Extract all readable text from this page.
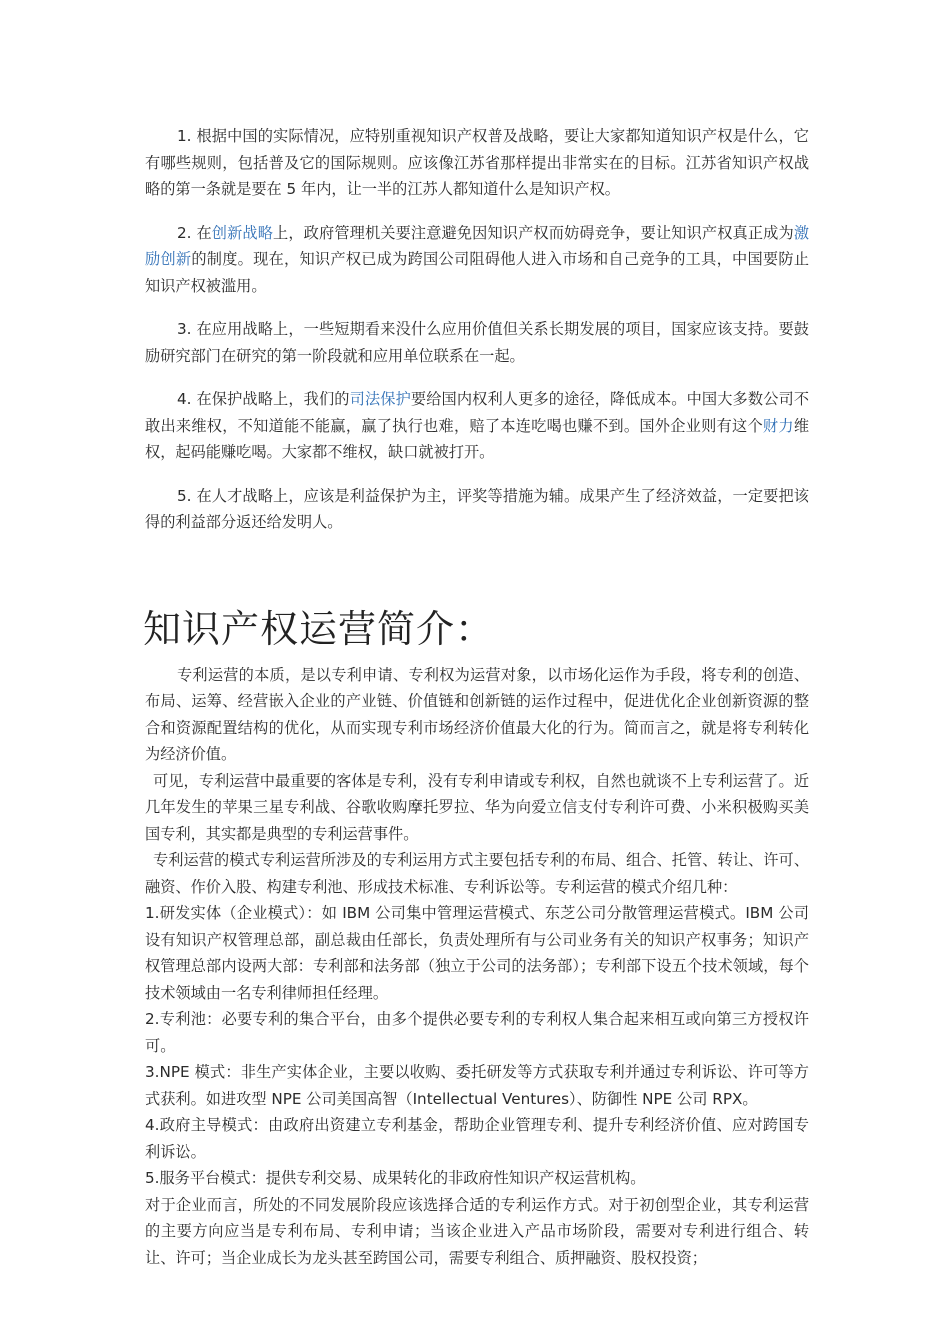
1. 根据中国的实际情况，应特别重视知识产权普及战略，要让大家都知道知识产权是什么，它有哪些规则，包括普及它的国际规则。应该像江苏省那样提出非常实在的目标。江苏省知识产权战略的第一条就是要在 5 年内，让一半的江苏人都知道什么是知识产权。

2. 在创新战略上，政府管理机关要注意避免因知识产权而妨碍竞争，要让知识产权真正成为激励创新的制度。现在，知识产权已成为跨国公司阻碍他人进入市场和自己竞争的工具，中国要防止知识产权被滥用。

3. 在应用战略上，一些短期看来没什么应用价值但关系长期发展的项目，国家应该支持。要鼓励研究部门在研究的第一阶段就和应用单位联系在一起。

4. 在保护战略上，我们的司法保护要给国内权利人更多的途径，降低成本。中国大多数公司不敢出来维权，不知道能不能赢，赢了执行也难，赔了本连吃喝也赚不到。国外企业则有这个财力维权，起码能赚吃喝。大家都不维权，缺口就被打开。

5. 在人才战略上，应该是利益保护为主，评奖等措施为辅。成果产生了经济效益，一定要把该得的利益部分返还给发明人。

知识产权运营简介：

专利运营的本质，是以专利申请、专利权为运营对象，以市场化运作为手段，将专利的创造、布局、运筹、经营嵌入企业的产业链、价值链和创新链的运作过程中，促进优化企业创新资源的整合和资源配置结构的优化，从而实现专利市场经济价值最大化的行为。简而言之，就是将专利转化为经济价值。

可见，专利运营中最重要的客体是专利，没有专利申请或专利权，自然也就谈不上专利运营了。近几年发生的苹果三星专利战、谷歌收购摩托罗拉、华为向爱立信支付专利许可费、小米积极购买美国专利，其实都是典型的专利运营事件。

专利运营的模式专利运营所涉及的专利运用方式主要包括专利的布局、组合、托管、转让、许可、融资、作价入股、构建专利池、形成技术标准、专利诉讼等。专利运营的模式介绍几种：

1.研发实体（企业模式）：如 IBM 公司集中管理运营模式、东芝公司分散管理运营模式。IBM 公司设有知识产权管理总部，副总裁由任部长，负责处理所有与公司业务有关的知识产权事务；知识产权管理总部内设两大部：专利部和法务部（独立于公司的法务部）；专利部下设五个技术领域，每个技术领域由一名专利律师担任经理。

2.专利池：必要专利的集合平台，由多个提供必要专利的专利权人集合起来相互或向第三方授权许可。

3.NPE 模式：非生产实体企业，主要以收购、委托研发等方式获取专利并通过专利诉讼、许可等方式获利。如进攻型 NPE 公司美国高智（Intellectual Ventures）、防御性 NPE 公司 RPX。

4.政府主导模式：由政府出资建立专利基金，帮助企业管理专利、提升专利经济价值、应对跨国专利诉讼。

5.服务平台模式：提供专利交易、成果转化的非政府性知识产权运营机构。

对于企业而言，所处的不同发展阶段应该选择合适的专利运作方式。对于初创型企业，其专利运营的主要方向应当是专利布局、专利申请；当该企业进入产品市场阶段，需要对专利进行组合、转让、许可；当企业成长为龙头甚至跨国公司，需要专利组合、质押融资、股权投资；
